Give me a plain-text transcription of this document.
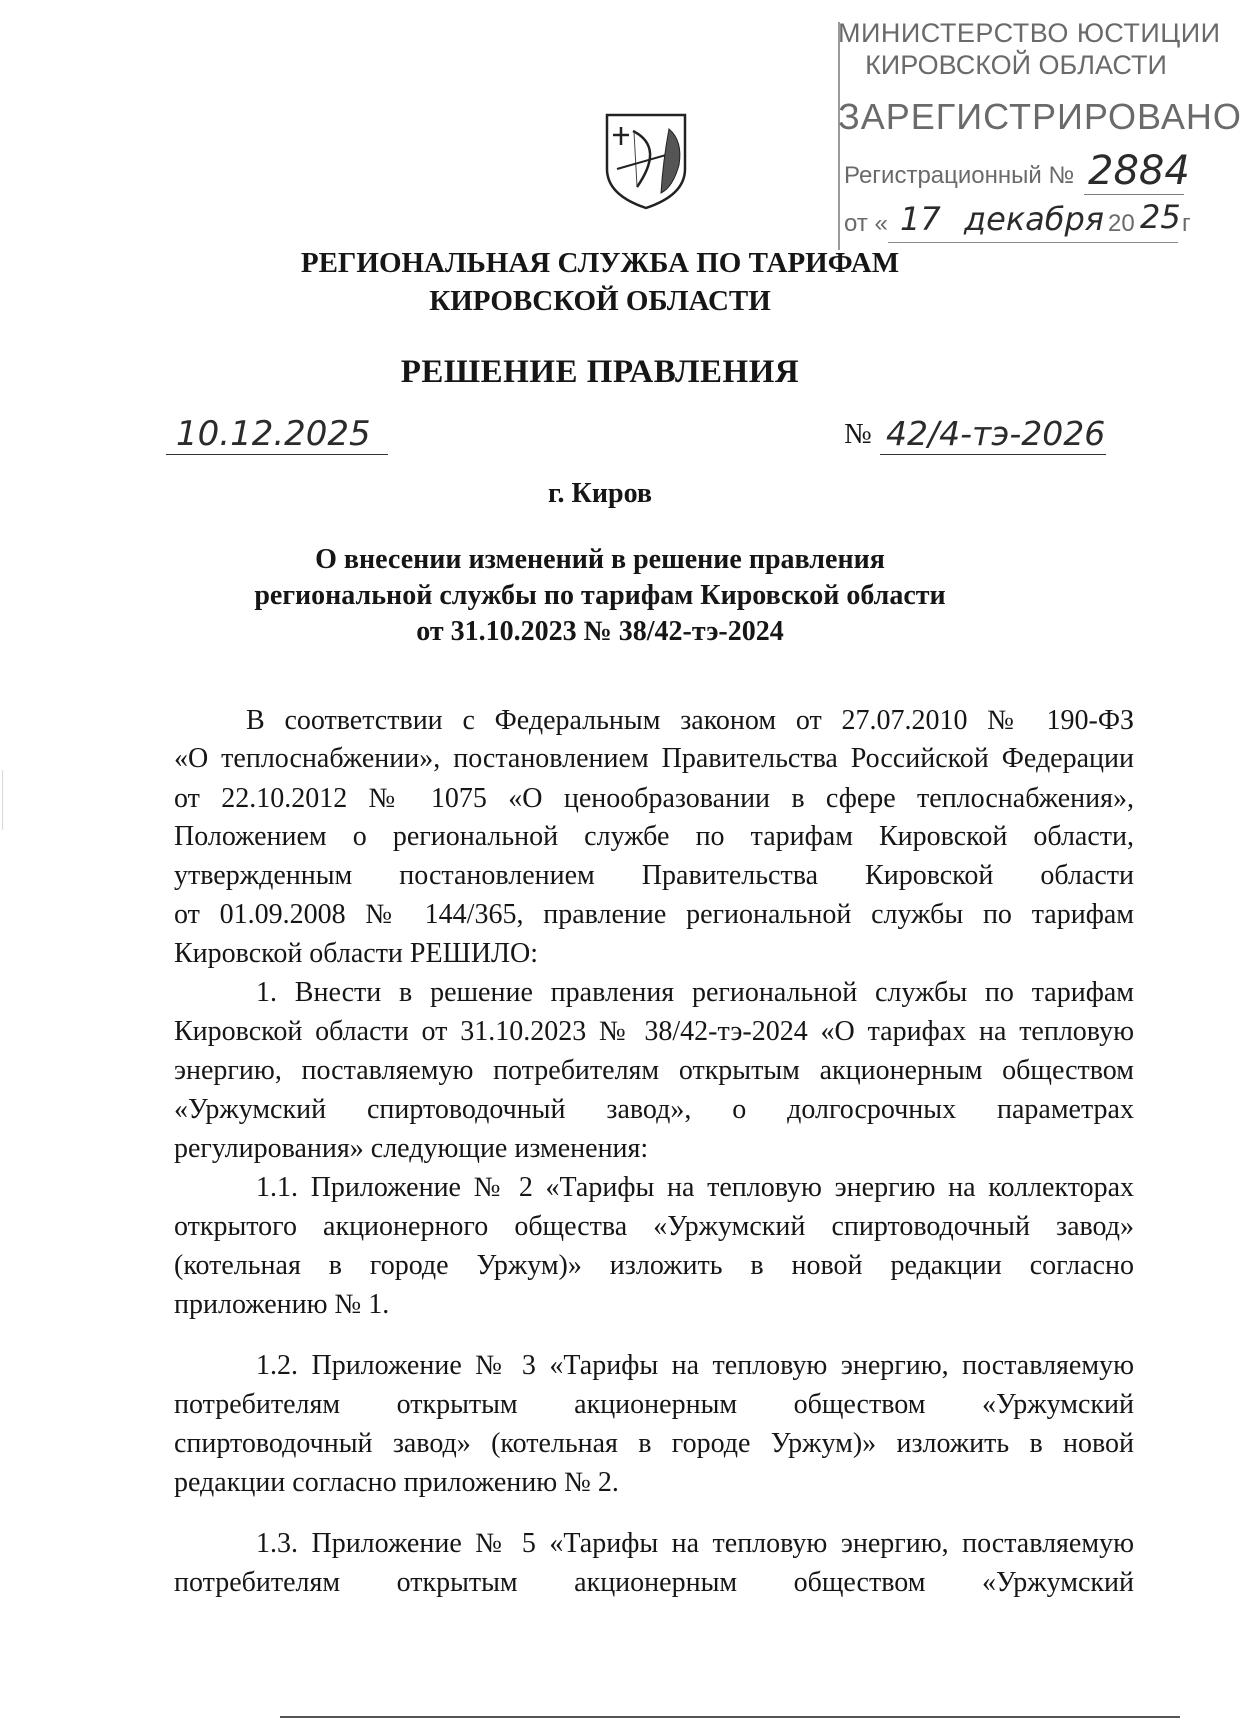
МИНИСТЕРСТВО ЮСТИЦИИ
КИРОВСКОЙ ОБЛАСТИ
ЗАРЕГИСТРИРОВАНО
Регистрационный № 2884
от « 17 декабря 20 25 г
РЕГИОНАЛЬНАЯ СЛУЖБА ПО ТАРИФАМ
КИРОВСКОЙ ОБЛАСТИ
РЕШЕНИЕ ПРАВЛЕНИЯ
10.12.2025	№ 42/4-тэ-2026
г. Киров
О внесении изменений в решение правления
региональной службы по тарифам Кировской области
от 31.10.2023 № 38/42-тэ-2024
В соответствии с Федеральным законом от 27.07.2010 № 190-ФЗ
«О теплоснабжении», постановлением Правительства Российской Федерации
от 22.10.2012 № 1075 «О ценообразовании в сфере теплоснабжения»,
Положением о региональной службе по тарифам Кировской области,
утвержденным постановлением Правительства Кировской области
от 01.09.2008 № 144/365, правление региональной службы по тарифам
Кировской области РЕШИЛО:
1. Внести в решение правления региональной службы по тарифам
Кировской области от 31.10.2023 № 38/42-тэ-2024 «О тарифах на тепловую
энергию, поставляемую потребителям открытым акционерным обществом
«Уржумский спиртоводочный завод», о долгосрочных параметрах
регулирования» следующие изменения:
1.1. Приложение № 2 «Тарифы на тепловую энергию на коллекторах
открытого акционерного общества «Уржумский спиртоводочный завод»
(котельная в городе Уржум)» изложить в новой редакции согласно
приложению № 1.
1.2. Приложение № 3 «Тарифы на тепловую энергию, поставляемую
потребителям открытым акционерным обществом «Уржумский
спиртоводочный завод» (котельная в городе Уржум)» изложить в новой
редакции согласно приложению № 2.
1.3. Приложение № 5 «Тарифы на тепловую энергию, поставляемую
потребителям открытым акционерным обществом «Уржумский
